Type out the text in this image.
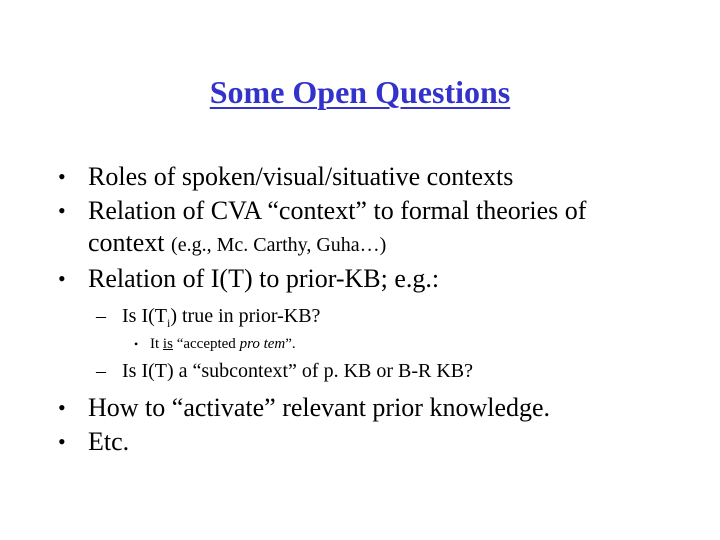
Some Open Questions
• Roles of spoken/visual/situative contexts
• Relation of CVA “context” to formal theories of
context (e.g., Mc. Carthy, Guha…)
• Relation of I(T) to prior-KB; e.g.:
– Is $I(T_i)$ true in prior-KB?
• It is “accepted pro tem”.
– Is I(T) a “subcontext” of p. KB or B-R KB?
• How to “activate” relevant prior knowledge.
• Etc.
